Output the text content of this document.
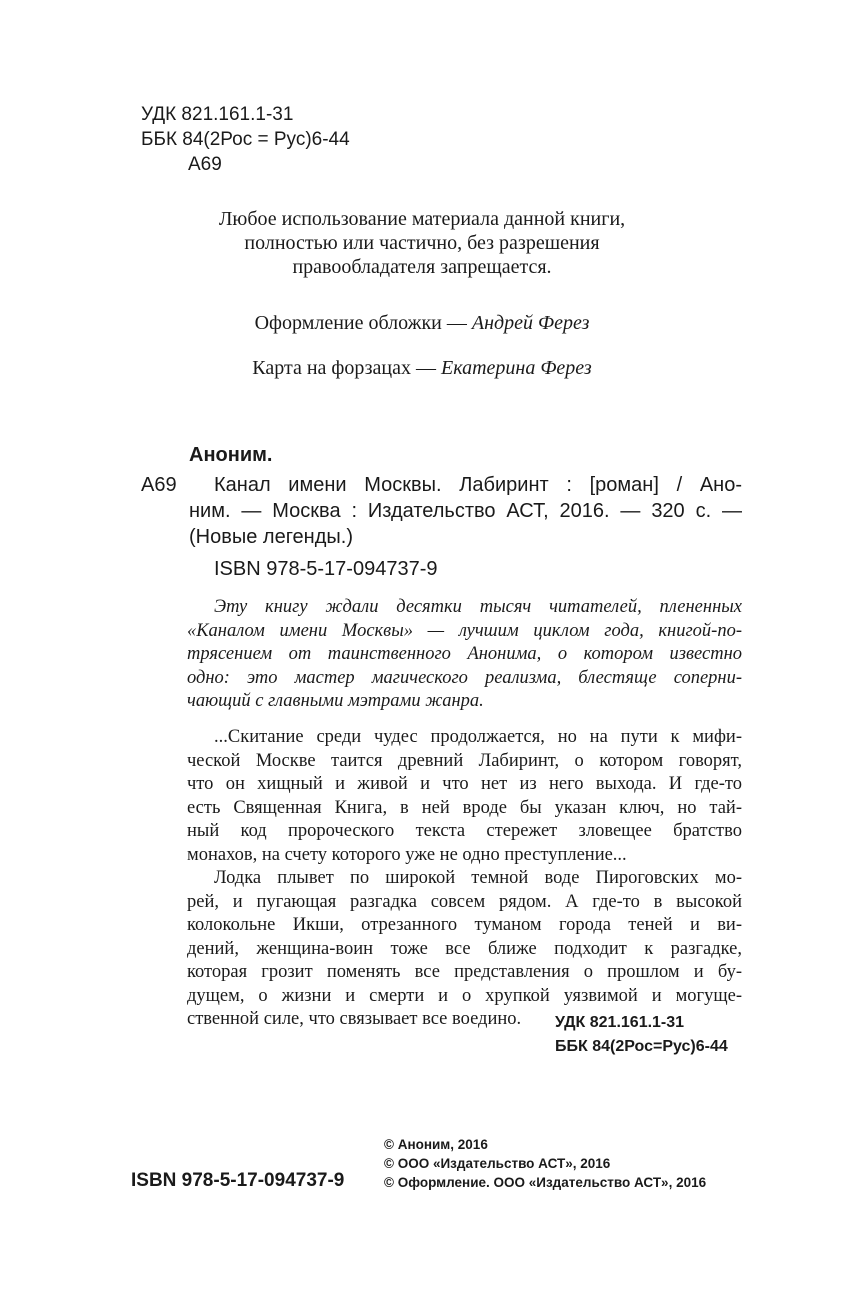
УДК 821.161.1-31
ББК 84(2Рос = Рус)6-44
А69
Любое использование материала данной книги,
полностью или частично, без разрешения
правообладателя запрещается.
Оформление обложки — Андрей Ферез
Карта на форзацах — Екатерина Ферез
Аноним.
А69 Канал имени Москвы. Лабиринт : [роман] / Ано-
ним. — Москва : Издательство АСТ, 2016. — 320 с. —
(Новые легенды.)
ISBN 978-5-17-094737-9
Эту книгу ждали десятки тысяч читателей, плененных
«Каналом имени Москвы» — лучшим циклом года, книгой-по-
трясением от таинственного Анонима, о котором известно
одно: это мастер магического реализма, блестяще соперни-
чающий с главными мэтрами жанра.
...Скитание среди чудес продолжается, но на пути к мифи-
ческой Москве таится древний Лабиринт, о котором говорят,
что он хищный и живой и что нет из него выхода. И где-то
есть Священная Книга, в ней вроде бы указан ключ, но тай-
ный код пророческого текста стережет зловещее братство
монахов, на счету которого уже не одно преступление...
Лодка плывет по широкой темной воде Пироговских мо-
рей, и пугающая разгадка совсем рядом. А где-то в высокой
колокольне Икши, отрезанного туманом города теней и ви-
дений, женщина-воин тоже все ближе подходит к разгадке,
которая грозит поменять все представления о прошлом и бу-
дущем, о жизни и смерти и о хрупкой уязвимой и могуще-
ственной силе, что связывает все воедино.	УДК 821.161.1-31
ББК 84(2Рос=Рус)6-44
ISBN 978-5-17-094737-9
© Аноним, 2016
© ООО «Издательство АСТ», 2016
© Оформление. ООО «Издательство АСТ», 2016
